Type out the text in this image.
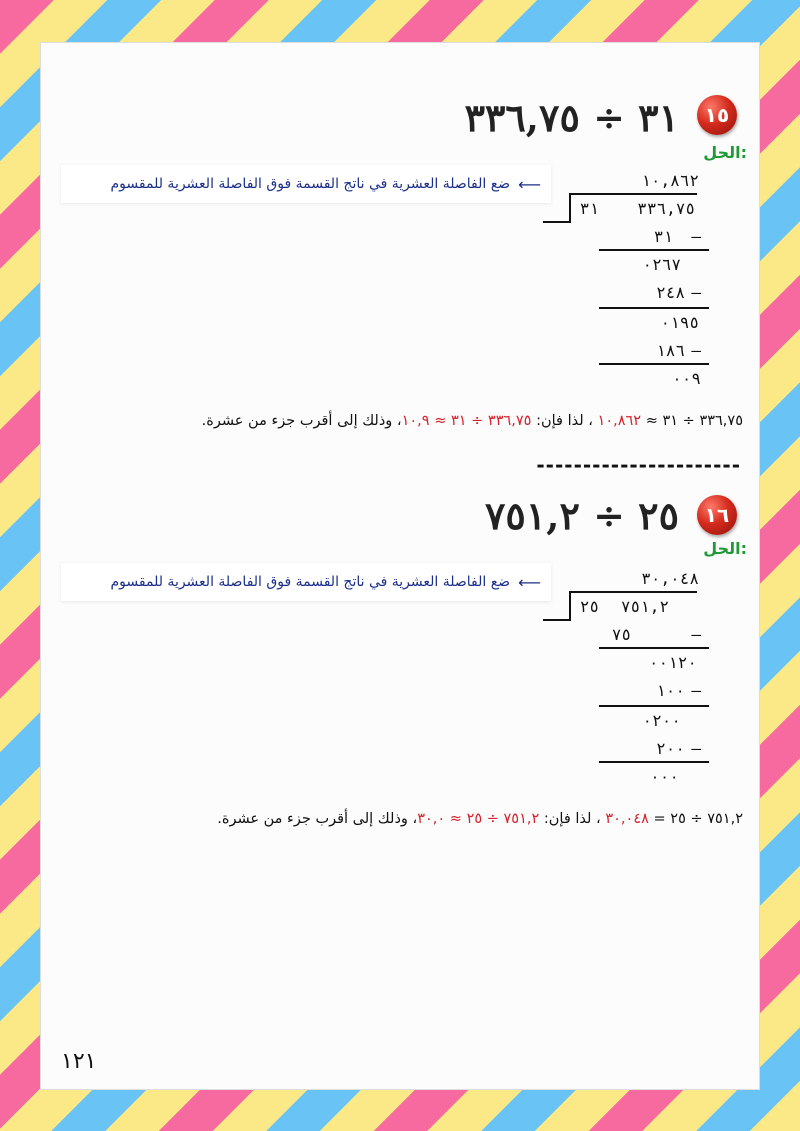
٣١ ÷ ٣٣٦,٧٥	١٥
الحل:
ضع الفاصلة العشرية في ناتج القسمة فوق الفاصلة العشرية للمقسوم ⟵	١٠,٨٦٢
٣١ ٣٣٦,٧٥
–
٣١
٠٢٦٧
–
٢٤٨
٠١٩٥
–
١٨٦
٠٠٩
٣٣٦,٧٥ ÷ ٣١ ≈ ١٠,٨٦٢ ، لذا فإن: ٣٣٦,٧٥ ÷ ٣١ ≈ ١٠,٩، وذلك إلى أقرب جزء من عشرة.
----------------------
٢٥ ÷ ٧٥١,٢	١٦
الحل:
ضع الفاصلة العشرية في ناتج القسمة فوق الفاصلة العشرية للمقسوم ⟵	٣٠,٠٤٨
٢٥ ٧٥١,٢
–
٧٥
٠٠١٢٠
–
١٠٠
٠٢٠٠
–
٢٠٠
٠٠٠
٧٥١,٢ ÷ ٢٥ = ٣٠,٠٤٨ ، لذا فإن: ٧٥١,٢ ÷ ٢٥ ≈ ٣٠,٠، وذلك إلى أقرب جزء من عشرة.
١٢١
